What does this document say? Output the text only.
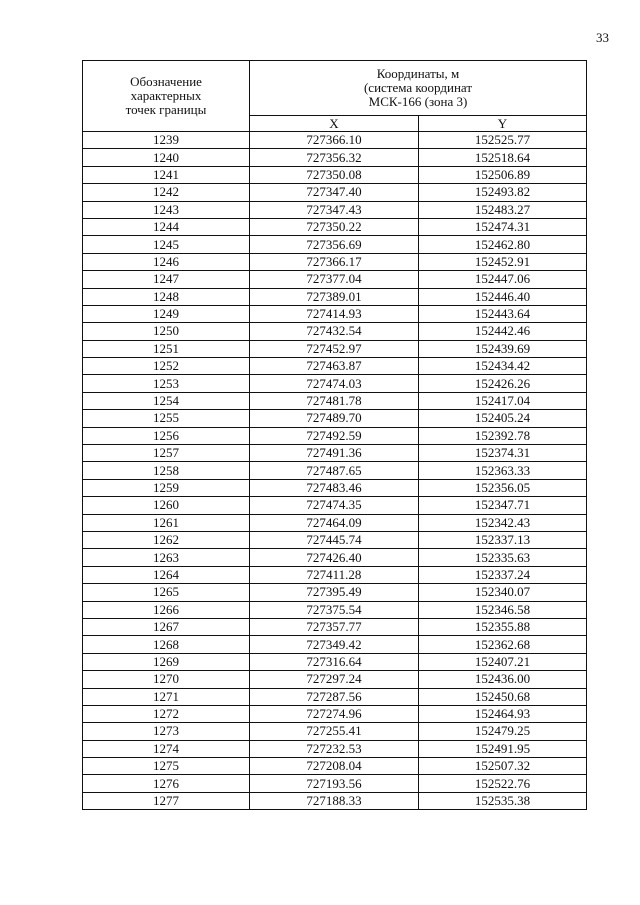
33
Обозначение
характерных
точек границы	Координаты, м
(система координат
МСК-166 (зона 3)	

	X	Y
1239	727366.10	152525.77
1240	727356.32	152518.64
1241	727350.08	152506.89
1242	727347.40	152493.82
1243	727347.43	152483.27
1244	727350.22	152474.31
1245	727356.69	152462.80
1246	727366.17	152452.91
1247	727377.04	152447.06
1248	727389.01	152446.40
1249	727414.93	152443.64
1250	727432.54	152442.46
1251	727452.97	152439.69
1252	727463.87	152434.42
1253	727474.03	152426.26
1254	727481.78	152417.04
1255	727489.70	152405.24
1256	727492.59	152392.78
1257	727491.36	152374.31
1258	727487.65	152363.33
1259	727483.46	152356.05
1260	727474.35	152347.71
1261	727464.09	152342.43
1262	727445.74	152337.13
1263	727426.40	152335.63
1264	727411.28	152337.24
1265	727395.49	152340.07
1266	727375.54	152346.58
1267	727357.77	152355.88
1268	727349.42	152362.68
1269	727316.64	152407.21
1270	727297.24	152436.00
1271	727287.56	152450.68
1272	727274.96	152464.93
1273	727255.41	152479.25
1274	727232.53	152491.95
1275	727208.04	152507.32
1276	727193.56	152522.76
1277	727188.33	152535.38
